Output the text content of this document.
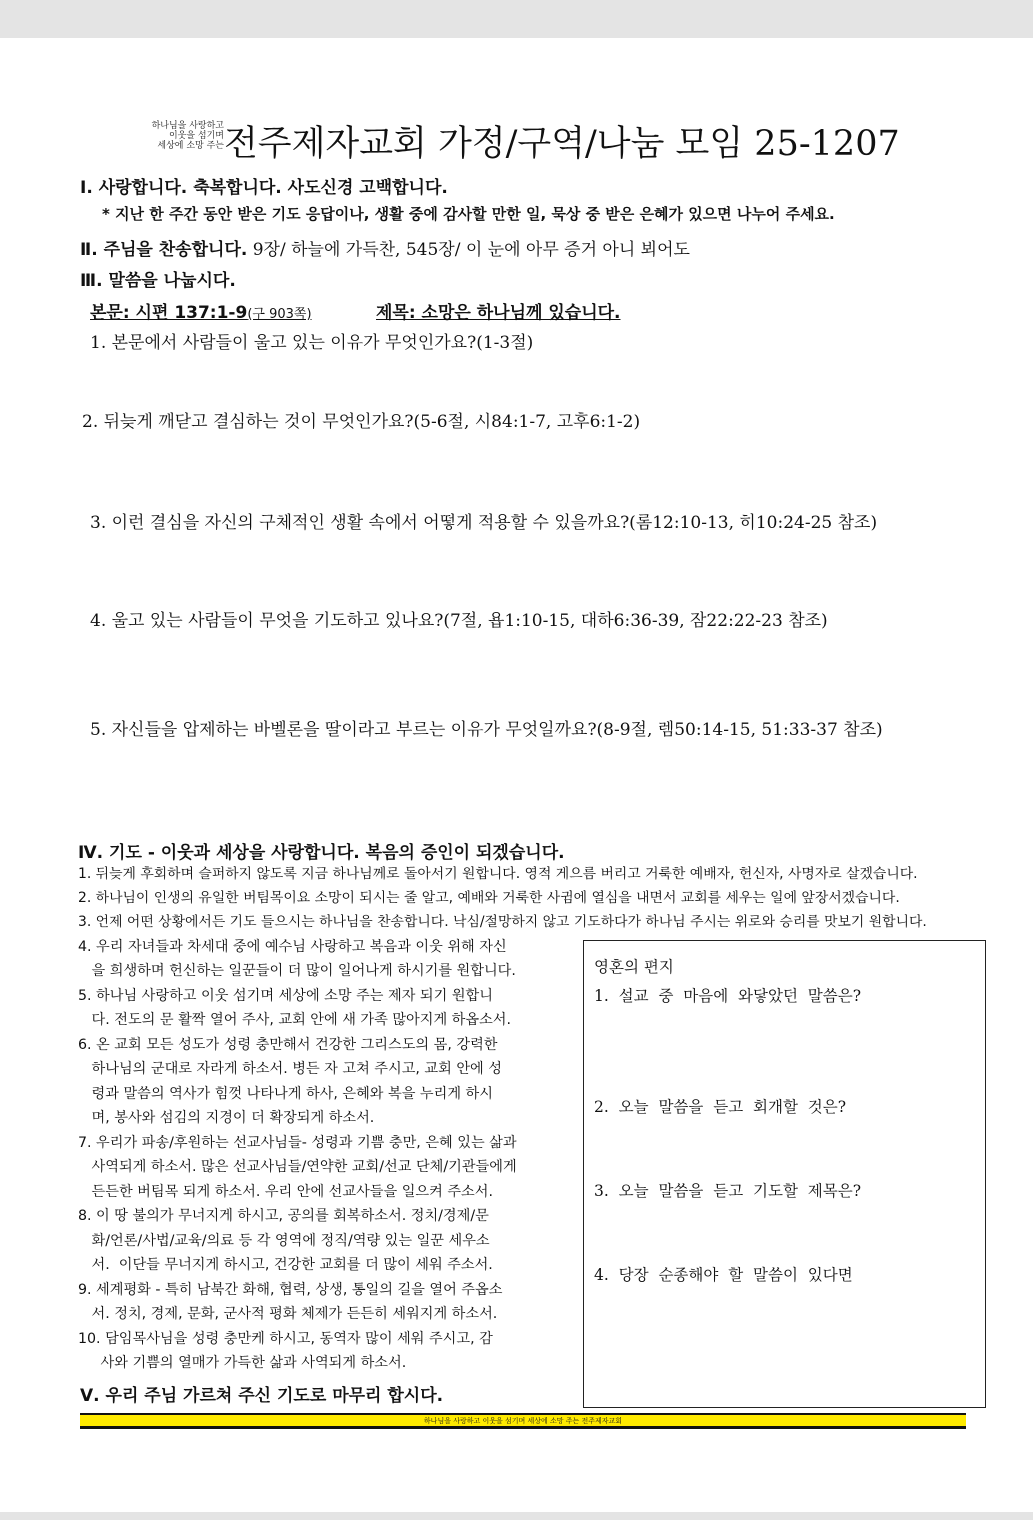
하나님을 사랑하고
이웃을 섬기며
세상에 소망 주는 전주제자교회 가정/구역/나눔 모임 25-1207
Ⅰ. 사랑합니다. 축복합니다. 사도신경 고백합니다.
* 지난 한 주간 동안 받은 기도 응답이나, 생활 중에 감사할 만한 일, 묵상 중 받은 은혜가 있으면 나누어 주세요.
Ⅱ. 주님을 찬송합니다. 9장/ 하늘에 가득찬, 545장/ 이 눈에 아무 증거 아니 뵈어도
Ⅲ. 말씀을 나눕시다.
본문: 시편 137:1-9(구 903쪽)	제목: 소망은 하나님께 있습니다.
1. 본문에서 사람들이 울고 있는 이유가 무엇인가요?(1-3절)
2. 뒤늦게 깨닫고 결심하는 것이 무엇인가요?(5-6절, 시84:1-7, 고후6:1-2)
3. 이런 결심을 자신의 구체적인 생활 속에서 어떻게 적용할 수 있을까요?(롬12:10-13, 히10:24-25 참조)
4. 울고 있는 사람들이 무엇을 기도하고 있나요?(7절, 욥1:10-15, 대하6:36-39, 잠22:22-23 참조)
5. 자신들을 압제하는 바벨론을 딸이라고 부르는 이유가 무엇일까요?(8-9절, 렘50:14-15, 51:33-37 참조)
Ⅳ. 기도 - 이웃과 세상을 사랑합니다. 복음의 증인이 되겠습니다.
1. 뒤늦게 후회하며 슬퍼하지 않도록 지금 하나님께로 돌아서기 원합니다. 영적 게으름 버리고 거룩한 예배자, 헌신자, 사명자로 살겠습니다.
2. 하나님이 인생의 유일한 버팀목이요 소망이 되시는 줄 알고, 예배와 거룩한 사귐에 열심을 내면서 교회를 세우는 일에 앞장서겠습니다.
3. 언제 어떤 상황에서든 기도 들으시는 하나님을 찬송합니다. 낙심/절망하지 않고 기도하다가 하나님 주시는 위로와 승리를 맛보기 원합니다.
4. 우리 자녀들과 차세대 중에 예수님 사랑하고 복음과 이웃 위해 자신
을 희생하며 헌신하는 일꾼들이 더 많이 일어나게 하시기를 원합니다.
5. 하나님 사랑하고 이웃 섬기며 세상에 소망 주는 제자 되기 원합니
다. 전도의 문 활짝 열어 주사, 교회 안에 새 가족 많아지게 하옵소서.
6. 온 교회 모든 성도가 성령 충만해서 건강한 그리스도의 몸, 강력한
하나님의 군대로 자라게 하소서. 병든 자 고쳐 주시고, 교회 안에 성
령과 말씀의 역사가 힘껏 나타나게 하사, 은혜와 복을 누리게 하시
며, 봉사와 섬김의 지경이 더 확장되게 하소서.
7. 우리가 파송/후원하는 선교사님들- 성령과 기쁨 충만, 은혜 있는 삶과
사역되게 하소서. 많은 선교사님들/연약한 교회/선교 단체/기관들에게
든든한 버팀목 되게 하소서. 우리 안에 선교사들을 일으켜 주소서.
8. 이 땅 불의가 무너지게 하시고, 공의를 회복하소서. 정치/경제/문
화/언론/사법/교육/의료 등 각 영역에 정직/역량 있는 일꾼 세우소
서.  이단들 무너지게 하시고, 건강한 교회를 더 많이 세워 주소서.
9. 세계평화 - 특히 남북간 화해, 협력, 상생, 통일의 길을 열어 주옵소
서. 정치, 경제, 문화, 군사적 평화 체제가 든든히 세워지게 하소서.
10. 담임목사님을 성령 충만케 하시고, 동역자 많이 세워 주시고, 감
사와 기쁨의 열매가 가득한 삶과 사역되게 하소서.
Ⅴ. 우리 주님 가르쳐 주신 기도로 마무리 합시다.
영혼의 편지
1.  설교  중  마음에  와닿았던  말씀은?
2.  오늘  말씀을  듣고  회개할  것은?
3.  오늘  말씀을  듣고  기도할  제목은?
4.  당장  순종해야  할  말씀이  있다면
하나님을 사랑하고 이웃을 섬기며 세상에 소망 주는 전주제자교회
